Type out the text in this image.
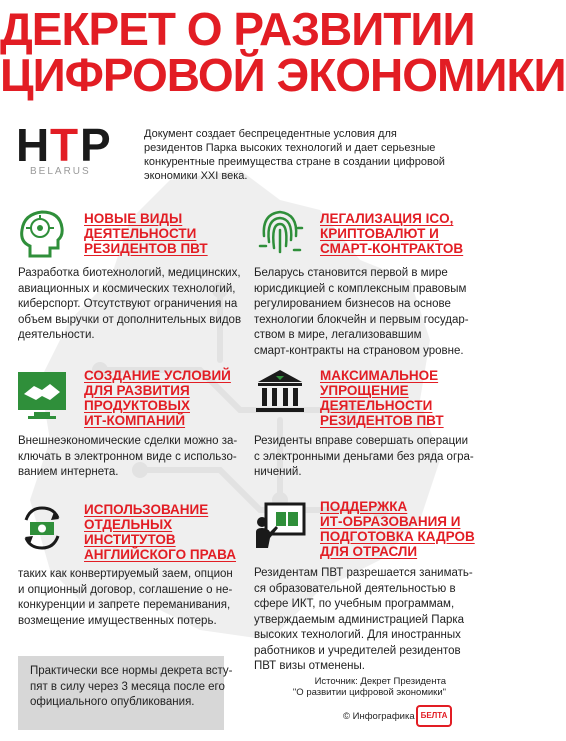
ДЕКРЕТ О РАЗВИТИИ
ЦИФРОВОЙ ЭКОНОМИКИ
Н Т Р
BELARUS

Документ создает беспрецедентные условия для резидентов Парка высоких технологий и дает серьезные конкурентные преимущества стране в создании цифровой экономики XXI века.

НОВЫЕ ВИДЫ
ДЕЯТЕЛЬНОСТИ
РЕЗИДЕНТОВ ПВТ
Разработка биотехнологий, медицинских,
авиационных и космических технологий,
киберспорт. Отсутствуют ограничения на
объем выручки от дополнительных видов
деятельности.
ЛЕГАЛИЗАЦИЯ ICO,
КРИПТОВАЛЮТ И
СМАРТ-КОНТРАКТОВ
Беларусь становится первой в мире
юрисдикцией с комплексным правовым
регулированием бизнесов на основе
технологии блокчейн и первым государ-
ством в мире, легализовавшим
смарт-контракты на страновом уровне.
СОЗДАНИЕ УСЛОВИЙ
ДЛЯ РАЗВИТИЯ
ПРОДУКТОВЫХ
ИТ-КОМПАНИЙ
Внешнеэкономические сделки можно за-
ключать в электронном виде с использо-
ванием интернета.
МАКСИМАЛЬНОЕ
УПРОЩЕНИЕ
ДЕЯТЕЛЬНОСТИ
РЕЗИДЕНТОВ ПВТ
Резиденты вправе совершать операции
с электронными деньгами без ряда огра-
ничений.
ИСПОЛЬЗОВАНИЕ
ОТДЕЛЬНЫХ
ИНСТИТУТОВ
АНГЛИЙСКОГО ПРАВА
таких как конвертируемый заем, опцион
и опционный договор, соглашение о не-
конкуренции и запрете переманивания,
возмещение имущественных потерь.
ПОДДЕРЖКА
ИТ-ОБРАЗОВАНИЯ И
ПОДГОТОВКА КАДРОВ
ДЛЯ ОТРАСЛИ
Резидентам ПВТ разрешается занимать-
ся образовательной деятельностью в
сфере ИКТ, по учебным программам,
утверждаемым администрацией Парка
высоких технологий. Для иностранных
работников и учредителей резидентов
ПВТ визы отменены.
Практически все нормы декрета всту-
пят в силу через 3 месяца после его
официального опубликования.
Источник: Декрет Президента
"О развитии цифровой экономики"
© Инфографика БЕЛТА
